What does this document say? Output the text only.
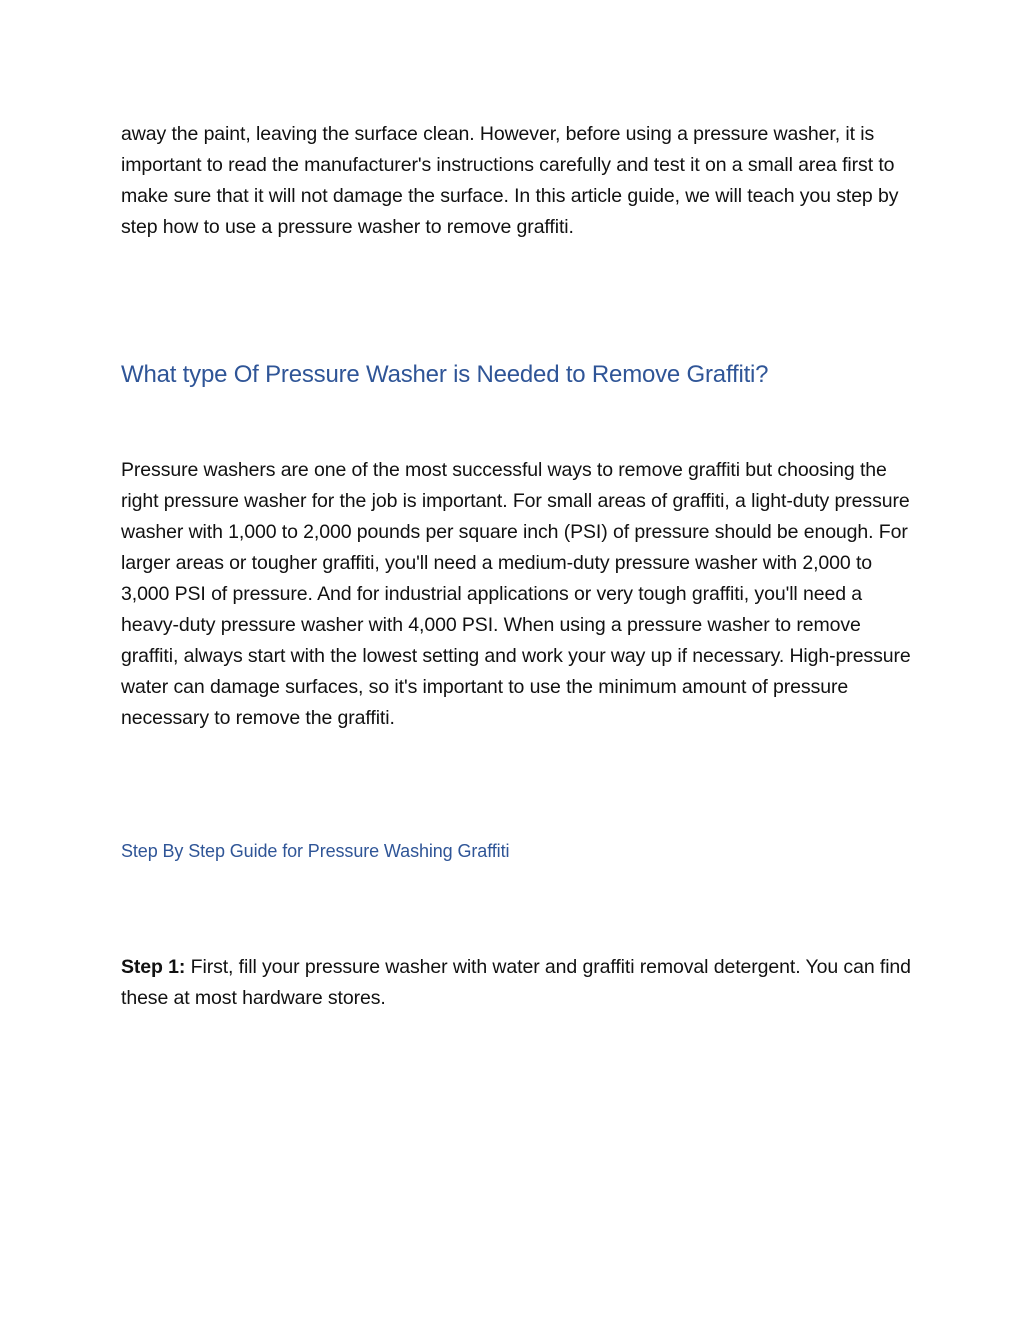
away the paint, leaving the surface clean. However, before using a pressure washer, it is important to read the manufacturer's instructions carefully and test it on a small area first to make sure that it will not damage the surface. In this article guide, we will teach you step by step how to use a pressure washer to remove graffiti.

What type Of Pressure Washer is Needed to Remove Graffiti?

Pressure washers are one of the most successful ways to remove graffiti but choosing the right pressure washer for the job is important. For small areas of graffiti, a light-duty pressure washer with 1,000 to 2,000 pounds per square inch (PSI) of pressure should be enough. For larger areas or tougher graffiti, you'll need a medium-duty pressure washer with 2,000 to 3,000 PSI of pressure. And for industrial applications or very tough graffiti, you'll need a heavy-duty pressure washer with 4,000 PSI. When using a pressure washer to remove graffiti, always start with the lowest setting and work your way up if necessary. High-pressure water can damage surfaces, so it's important to use the minimum amount of pressure necessary to remove the graffiti.

Step By Step Guide for Pressure Washing Graffiti

Step 1: First, fill your pressure washer with water and graffiti removal detergent. You can find these at most hardware stores.
